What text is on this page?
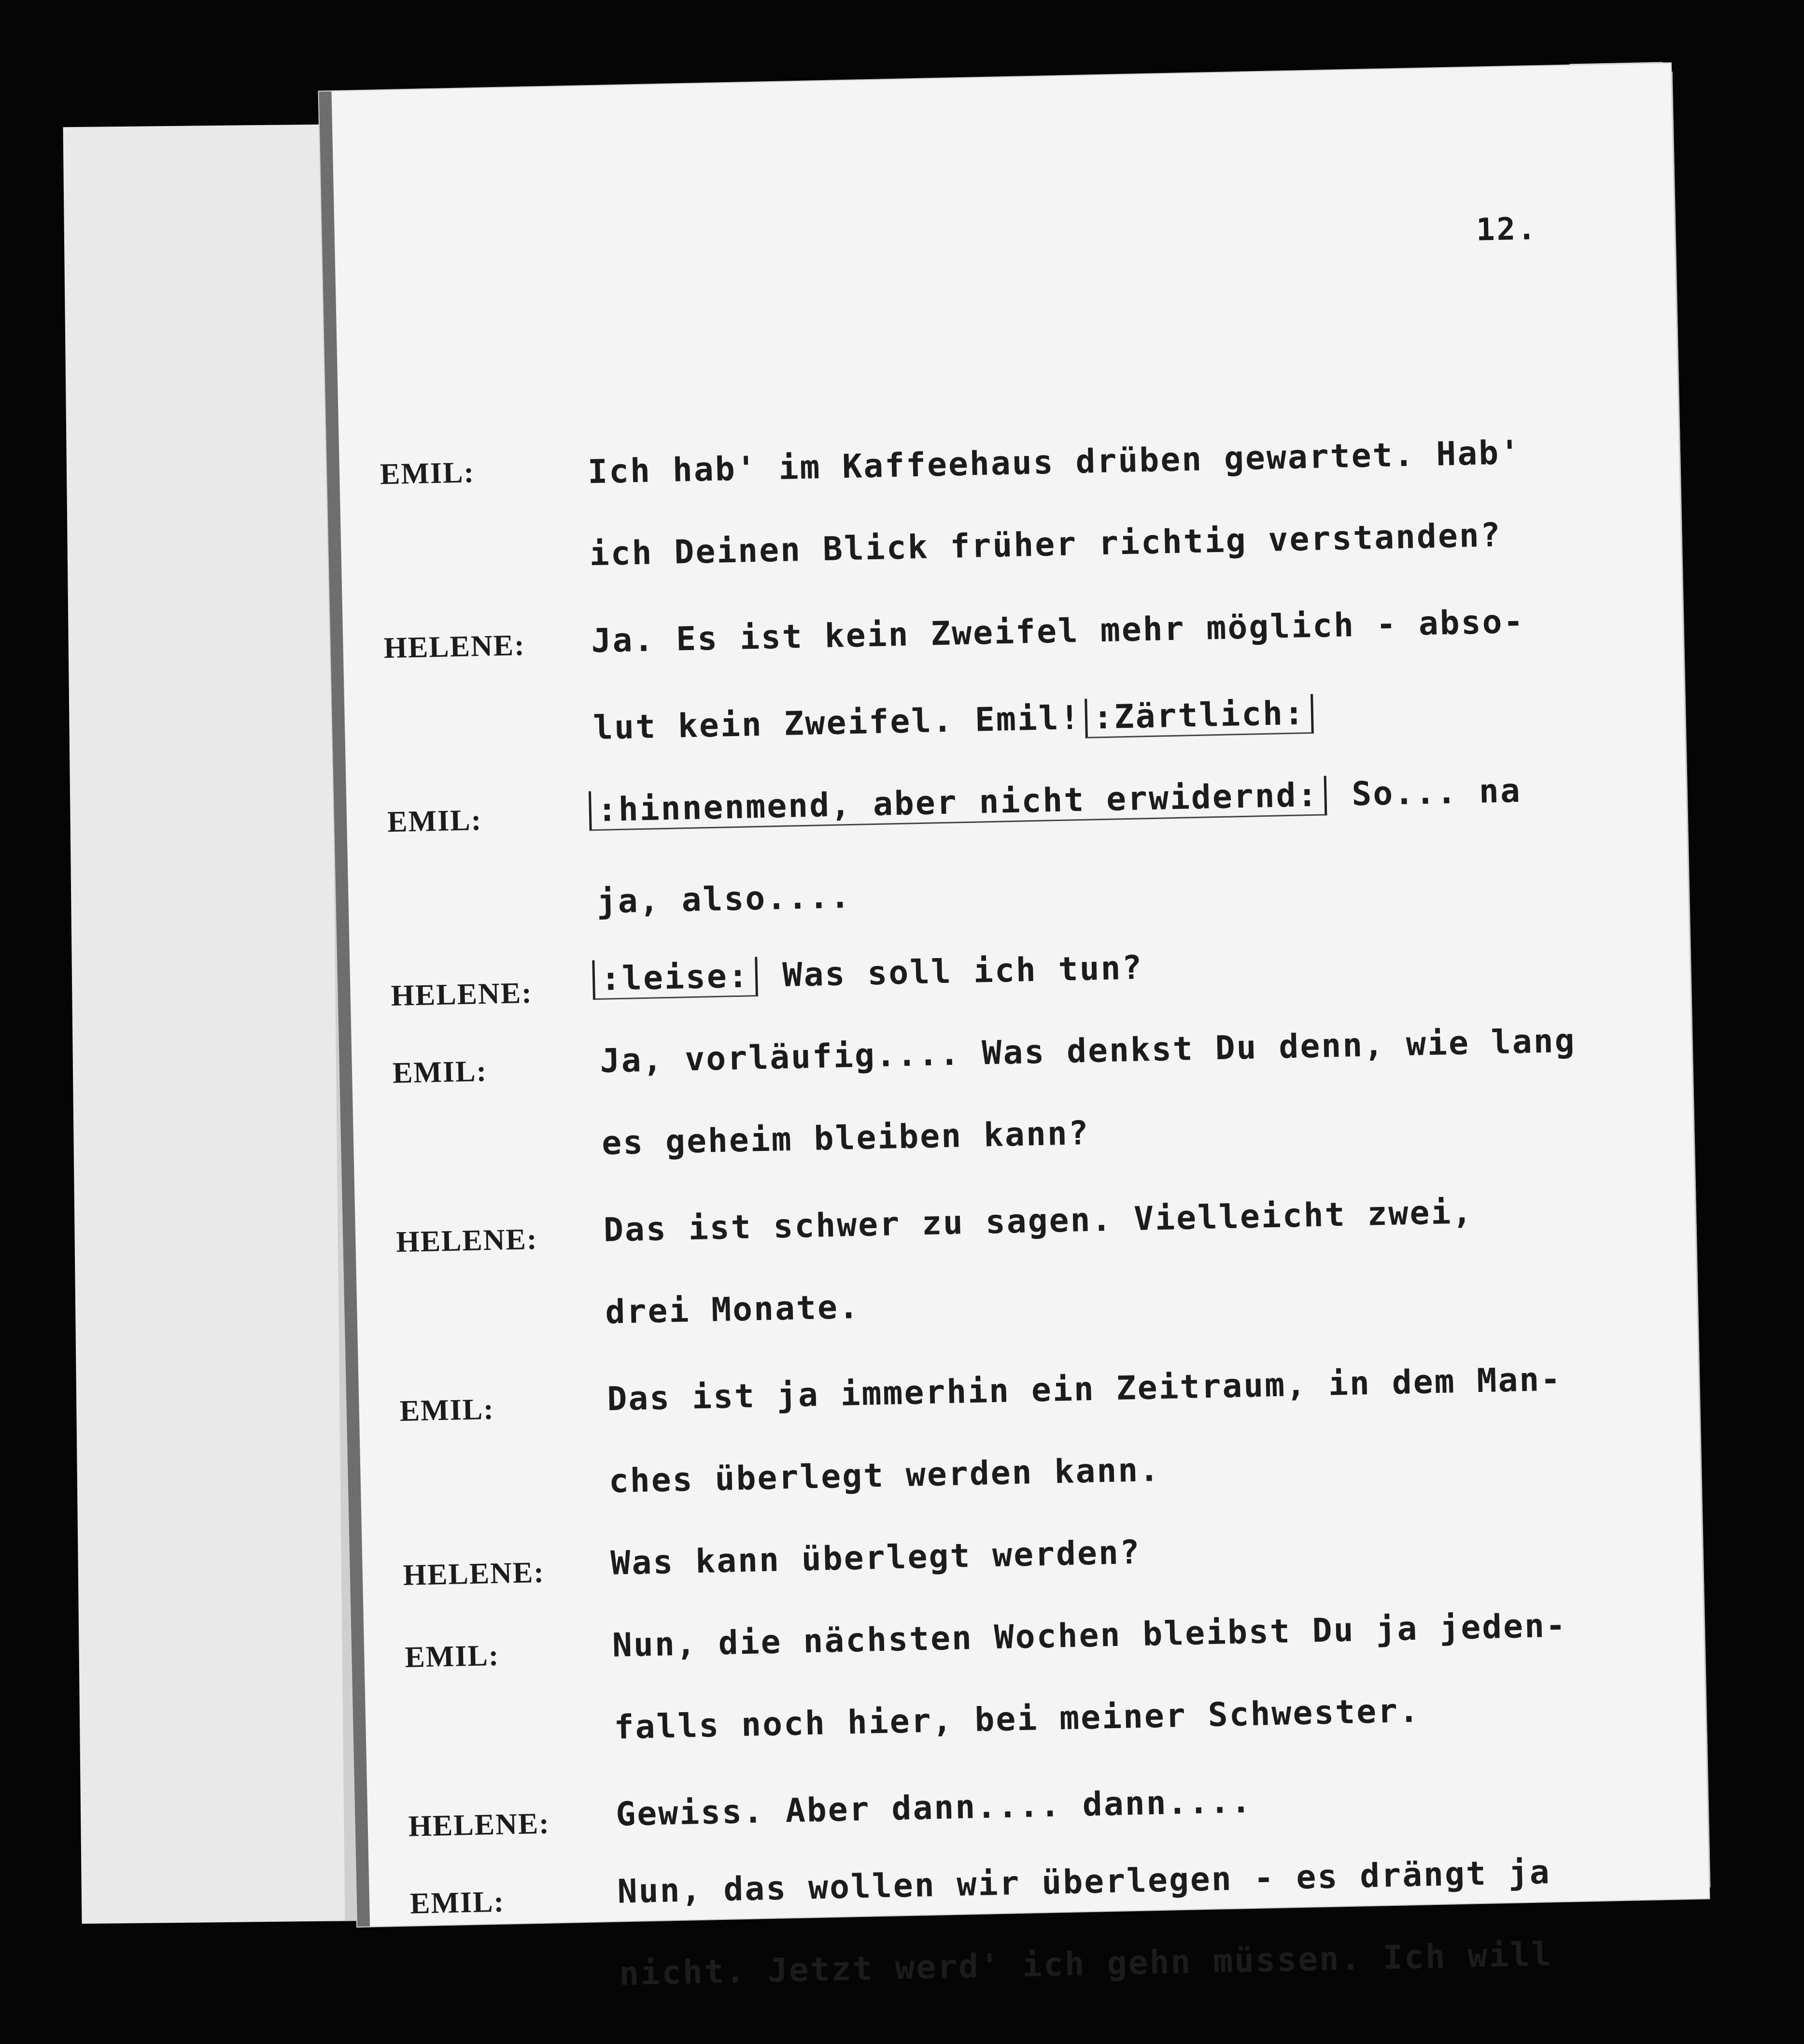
12.
EMIL:	Ich hab' im Kaffeehaus drüben gewartet. Hab'
ich Deinen Blick früher richtig verstanden?
HELENE: Ja. Es ist kein Zweifel mehr möglich - abso-
lut kein Zweifel. Emil! :Zärtlich:
EMIL:	:hinnenmend, aber nicht erwidernd: So... na
ja, also....
HELENE:	:leise: Was soll ich tun?
EMIL:	Ja, vorläufig.... Was denkst Du denn, wie lang
es geheim bleiben kann?
HELENE: Das ist schwer zu sagen. Vielleicht zwei,
drei Monate.
EMIL:	Das ist ja immerhin ein Zeitraum, in dem Man-
ches überlegt werden kann.
HELENE: Was kann überlegt werden?
EMIL:	Nun, die nächsten Wochen bleibst Du ja jeden-
falls noch hier, bei meiner Schwester.
HELENE: Gewiss. Aber dann.... dann....
EMIL:	Nun, das wollen wir überlegen - es drängt ja
nicht. Jetzt werd' ich gehn müssen. Ich will
